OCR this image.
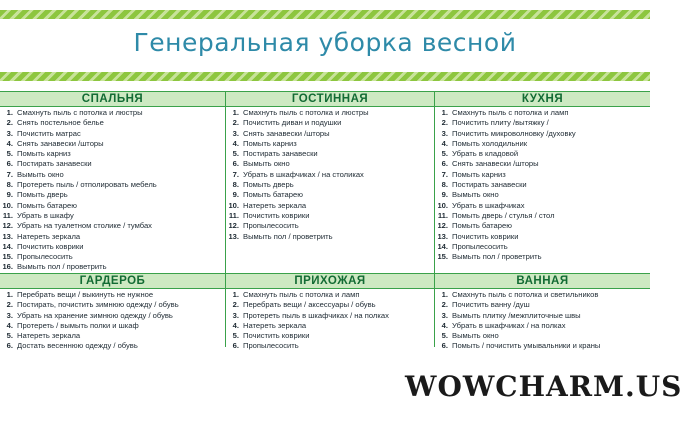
Генеральная уборка весной
СПАЛЬНЯ
1. Смахнуть пыль с потолка и люстры
2. Снять постельное белье
3. Почистить матрас
4. Снять занавески /шторы
5. Помыть карниз
6. Постирать занавески
7. Вымыть окно
8. Протереть пыль / отполировать мебель
9. Помыть дверь
10. Помыть батарею
11. Убрать в шкафу
12. Убрать на туалетном столике / тумбах
13. Натереть зеркала
14. Почистить коврики
15. Пропылесосить
16. Вымыть пол / проветрить
ГОСТИННАЯ
1. Смахнуть пыль с потолка и люстры
2. Почистить диван и подушки
3. Снять занавески /шторы
4. Помыть карниз
5. Постирать занавески
6. Вымыть окно
7. Убрать в шкафчиках / на столиках
8. Помыть дверь
9. Помыть батарею
10. Натереть зеркала
11. Почистить коврики
12. Пропылесосить
13. Вымыть пол / проветрить
КУХНЯ
1. Смахнуть пыль с потолка и ламп
2. Почистить плиту /вытяжку /
3. Почистить микроволновку /духовку
4. Помыть холодильник
5. Убрать в кладовой
6. Снять занавески /шторы
7. Помыть карниз
8. Постирать занавески
9. Вымыть окно
10. Убрать в шкафчиках
11. Помыть дверь / стулья / стол
12. Помыть батарею
13. Почистить коврики
14. Пропылесосить
15. Вымыть пол / проветрить
ГАРДЕРОБ
1. Перебрать вещи / выкинуть не нужное
2. Постирать, почистить зимнюю одежду / обувь
3. Убрать на хранение зимнюю одежду / обувь
4. Протереть / вымыть полки и шкаф
5. Натереть зеркала
6. Достать весеннюю одежду / обувь
ПРИХОЖАЯ
1. Смахнуть пыль с потолка и ламп
2. Перебрать вещи / аксессуары / обувь
3. Протереть пыль в шкафчиках / на полках
4. Натереть зеркала
5. Почистить коврики
6. Пропылесосить
ВАННАЯ
1. Смахнуть пыль с потолка и светильников
2. Почистить ванну /душ
3. Вымыть плитку /межплиточные швы
4. Убрать в шкафчиках / на полках
5. Вымыть окно
6. Помыть / почистить умывальники и краны
WOWCHARM.US
